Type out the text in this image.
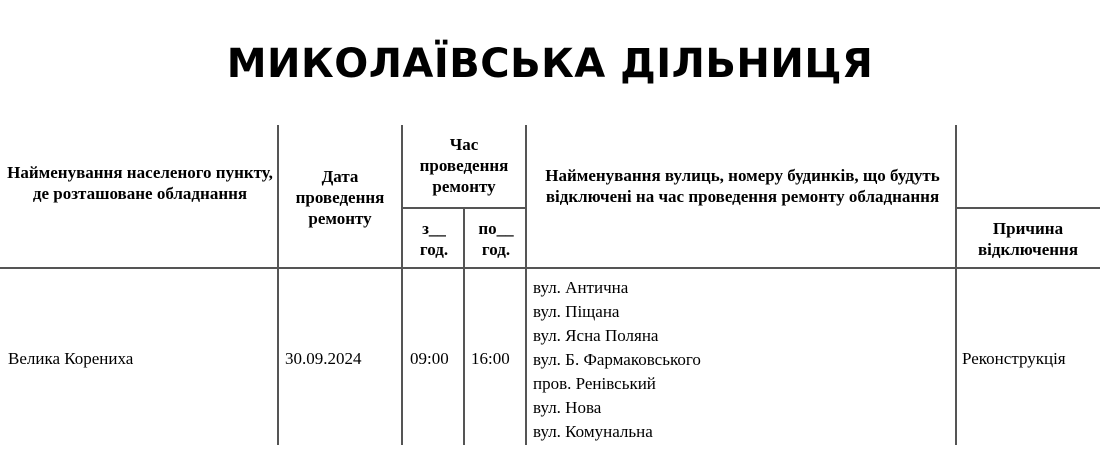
МИКОЛАЇВСЬКА ДІЛЬНИЦЯ
Найменування населеного пункту, де розташоване обладнання
Дата проведення ремонту
Час проведення ремонту
з__ год.
по__ год.
Найменування вулиць, номеру будинків, що будуть відключені на час проведення ремонту обладнання
Причина відключення
Велика Корениха	30.09.2024	09:00 16:00
вул. Антична
вул. Піщана
вул. Ясна Поляна
вул. Б. Фармаковського
пров. Ренівський
вул. Нова
вул. Комунальна
Реконструкція
